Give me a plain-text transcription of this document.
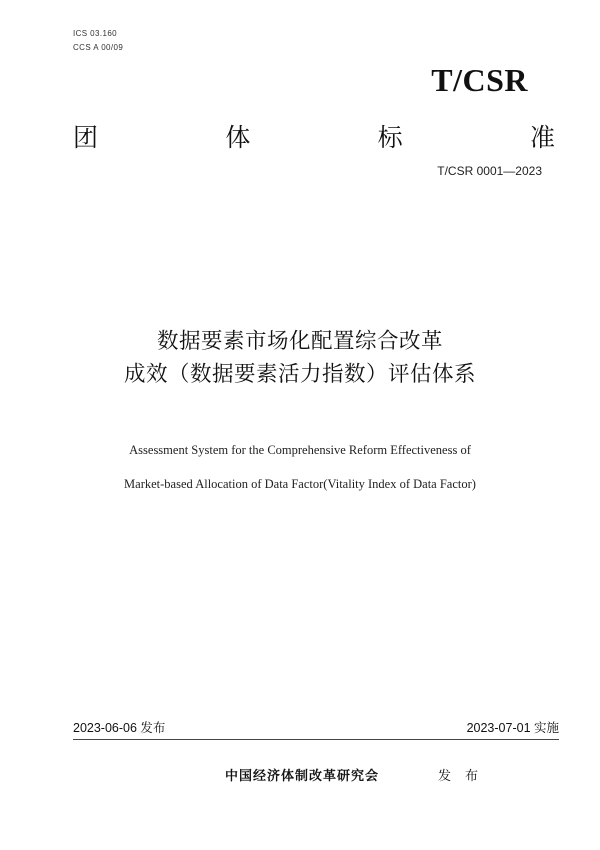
ICS 03.160
CCS A 00/09
T/CSR
团	体	标	准
T/CSR 0001—2023
数据要素市场化配置综合改革
成效（数据要素活力指数）评估体系
Assessment System for the Comprehensive Reform Effectiveness of
Market-based Allocation of Data Factor(Vitality Index of Data Factor)
2023-06-06 发布	2023-07-01 实施
中国经济体制改革研究会	发布
